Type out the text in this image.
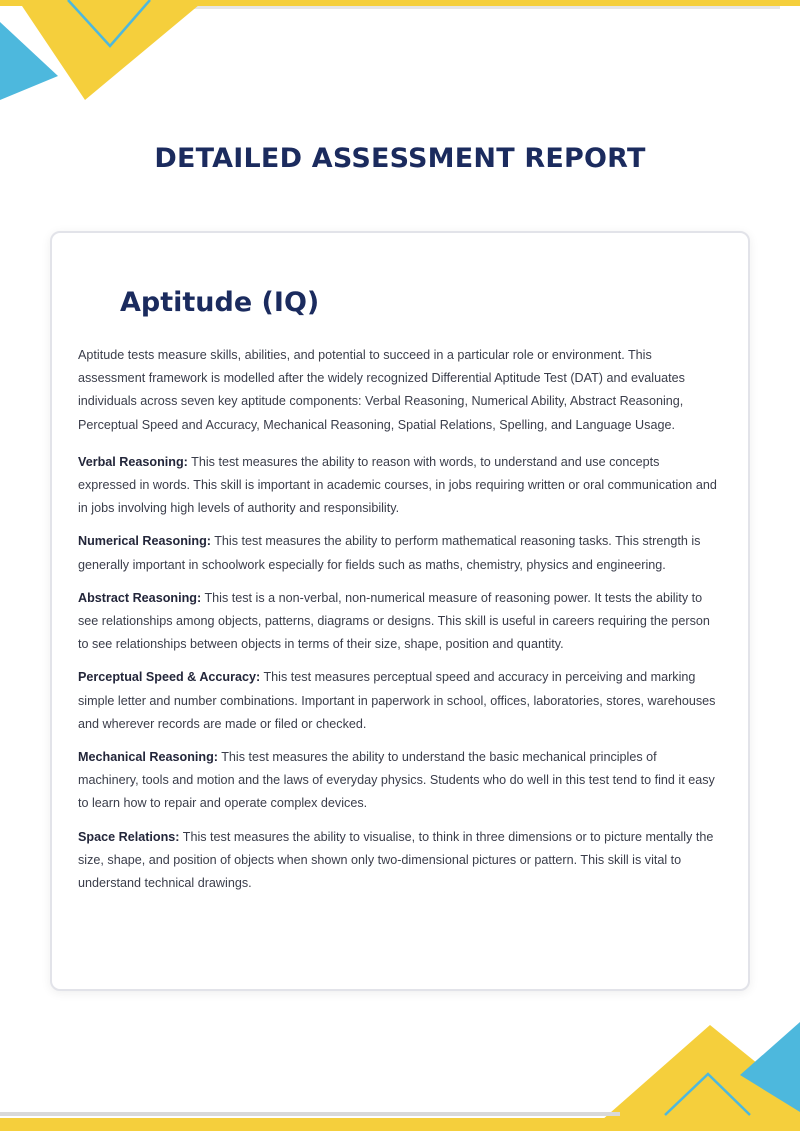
DETAILED ASSESSMENT REPORT
Aptitude (IQ)

Aptitude tests measure skills, abilities, and potential to succeed in a particular role or environment. This assessment framework is modelled after the widely recognized Differential Aptitude Test (DAT) and evaluates individuals across seven key aptitude components: Verbal Reasoning, Numerical Ability, Abstract Reasoning, Perceptual Speed and Accuracy, Mechanical Reasoning, Spatial Relations, Spelling, and Language Usage.

Verbal Reasoning: This test measures the ability to reason with words, to understand and use concepts expressed in words. This skill is important in academic courses, in jobs requiring written or oral communication and in jobs involving high levels of authority and responsibility.

Numerical Reasoning: This test measures the ability to perform mathematical reasoning tasks. This strength is generally important in schoolwork especially for fields such as maths, chemistry, physics and engineering.

Abstract Reasoning: This test is a non-verbal, non-numerical measure of reasoning power. It tests the ability to see relationships among objects, patterns, diagrams or designs. This skill is useful in careers requiring the person to see relationships between objects in terms of their size, shape, position and quantity.

Perceptual Speed & Accuracy: This test measures perceptual speed and accuracy in perceiving and marking simple letter and number combinations. Important in paperwork in school, offices, laboratories, stores, warehouses and wherever records are made or filed or checked.

Mechanical Reasoning: This test measures the ability to understand the basic mechanical principles of machinery, tools and motion and the laws of everyday physics. Students who do well in this test tend to find it easy to learn how to repair and operate complex devices.

Space Relations: This test measures the ability to visualise, to think in three dimensions or to picture mentally the size, shape, and position of objects when shown only two-dimensional pictures or pattern. This skill is vital to understand technical drawings.
